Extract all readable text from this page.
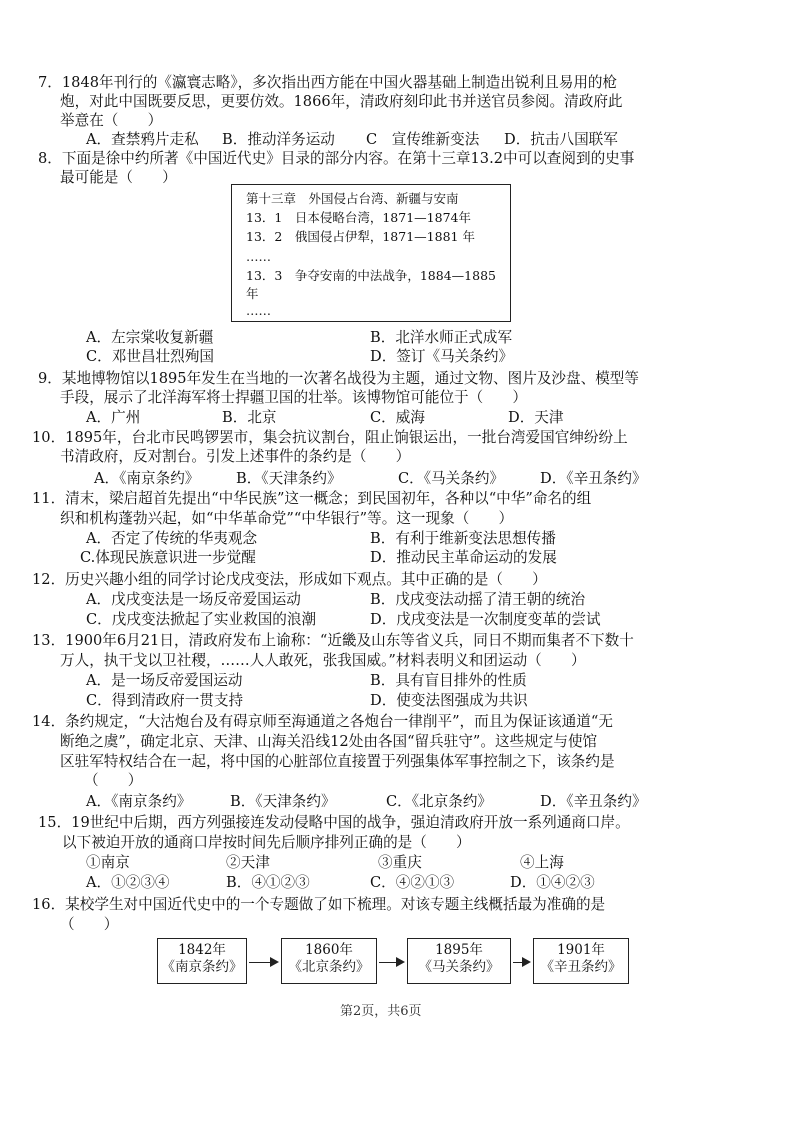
7．1848年刊行的《瀛寰志略》，多次指出西方能在中国火器基础上制造出锐利且易用的枪
炮，对此中国既要反思，更要仿效。1866年，清政府刻印此书并送官员参阅。清政府此
举意在（　　）
A．查禁鸦片走私 B．推动洋务运动 C　宣传维新变法 D．抗击八国联军
8．下面是徐中约所著《中国近代史》目录的部分内容。在第十三章13.2中可以查阅到的史事
最可能是（　　）
第十三章　外国侵占台湾、新疆与安南
13．1　日本侵略台湾，1871—1874年
13．2　俄国侵占伊犁，1871—1881 年
……
13．3　争夺安南的中法战争，1884—1885
年
……
A．左宗棠收复新疆	B．北洋水师正式成军
C．邓世昌壮烈殉国	D．签订《马关条约》
9．某地博物馆以1895年发生在当地的一次著名战役为主题，通过文物、图片及沙盘、模型等
手段，展示了北洋海军将士捍疆卫国的壮举。该博物馆可能位于（　　）
A．广州	B．北京	C．威海	D．天津
10．1895年，台北市民鸣锣罢市，集会抗议割台，阻止饷银运出，一批台湾爱国官绅纷纷上
书清政府，反对割台。引发上述事件的条约是（　　）
A．《南京条约》	B．《天津条约》	C．《马关条约》 D．《辛丑条约》
11．清末，梁启超首先提出“中华民族”这一概念；到民国初年，各种以“中华”命名的组
织和机构蓬勃兴起，如“中华革命党”“中华银行”等。这一现象（　　）
A．否定了传统的华夷观念	B．有利于维新变法思想传播
C.体现民族意识进一步觉醒	D．推动民主革命运动的发展
12．历史兴趣小组的同学讨论戊戌变法，形成如下观点。其中正确的是（　　）
A．戊戌变法是一场反帝爱国运动	B．戊戌变法动摇了清王朝的统治
C．戊戌变法掀起了实业救国的浪潮	D．戊戌变法是一次制度变革的尝试
13．1900年6月21日，清政府发布上谕称：“近畿及山东等省义兵，同日不期而集者不下数十
万人，执干戈以卫社稷，……人人敢死，张我国威。”材料表明义和团运动（　　）
A．是一场反帝爱国运动	B．具有盲目排外的性质
C．得到清政府一贯支持	D．使变法图强成为共识
14．条约规定，“大沽炮台及有碍京师至海通道之各炮台一律削平”，而且为保证该通道“无
断绝之虞”，确定北京、天津、山海关沿线12处由各国“留兵驻守”。这些规定与使馆
区驻军特权结合在一起，将中国的心脏部位直接置于列强集体军事控制之下，该条约是
（　　）
A．《南京条约》	B．《天津条约》	C．《北京条约》	D．《辛丑条约》
15．19世纪中后期，西方列强接连发动侵略中国的战争，强迫清政府开放一系列通商口岸。
以下被迫开放的通商口岸按时间先后顺序排列正确的是（　　）
①南京	②天津	③重庆	④上海
A．①②③④	B．④①②③	C．④②①③	D．①④②③
16．某校学生对中国近代史中的一个专题做了如下梳理。对该专题主线概括最为准确的是
（　　）
1842年
《南京条约》
1860年
《北京条约》
1895年
《马关条约》
1901年
《辛丑条约》
第2页，共6页
